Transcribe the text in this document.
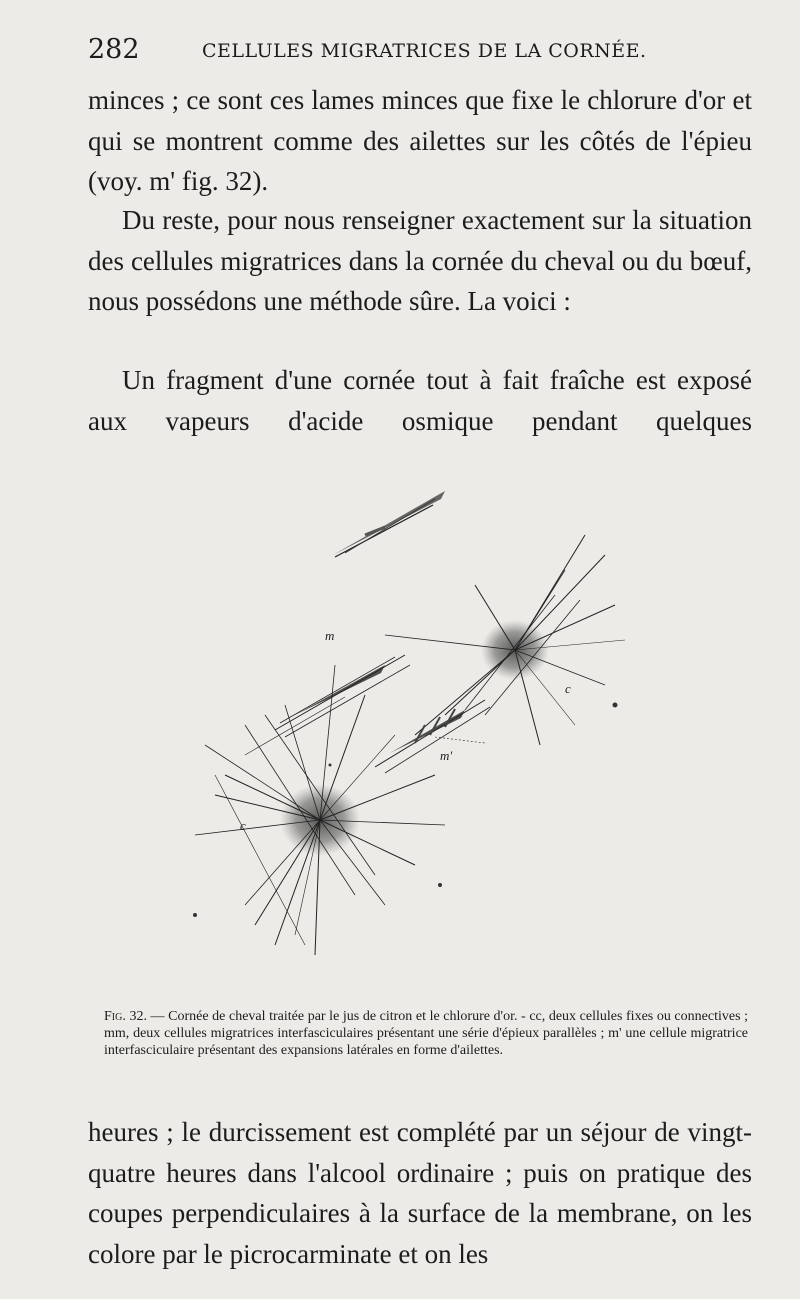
282	CELLULES MIGRATRICES DE LA CORNÉE.

minces ; ce sont ces lames minces que fixe le chlorure d'or et qui se montrent comme des ailettes sur les côtés de l'épieu (voy. m' fig. 32).

Du reste, pour nous renseigner exactement sur la situation des cellules migratrices dans la cornée du cheval ou du bœuf, nous possédons une méthode sûre. La voici :

Un fragment d'une cornée tout à fait fraîche est exposé aux vapeurs d'acide osmique pendant quelques

m
c
m'
c

Fig. 32. — Cornée de cheval traitée par le jus de citron et le chlorure d'or. - cc, deux cellules fixes ou connectives ; mm, deux cellules migratrices interfasciculaires présentant une série d'épieux parallèles ; m' une cellule migratrice interfasciculaire présentant des expansions latérales en forme d'ailettes.

heures ; le durcissement est complété par un séjour de vingt-quatre heures dans l'alcool ordinaire ; puis on pratique des coupes perpendiculaires à la surface de la membrane, on les colore par le picrocarminate et on les
